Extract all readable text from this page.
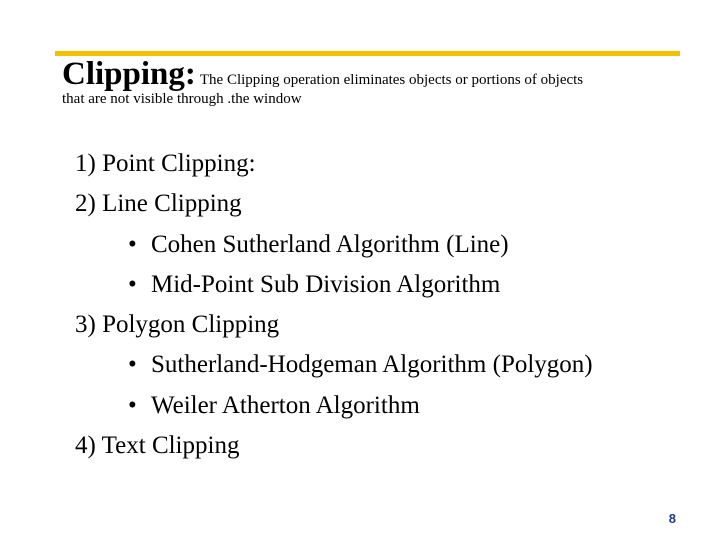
Clipping: The Clipping operation eliminates objects or portions of objects
that are not visible through .the window
1) Point Clipping:
2) Line Clipping
• Cohen Sutherland Algorithm (Line)
• Mid-Point Sub Division Algorithm
3) Polygon Clipping
• Sutherland-Hodgeman Algorithm (Polygon)
• Weiler Atherton Algorithm
4) Text Clipping
8
